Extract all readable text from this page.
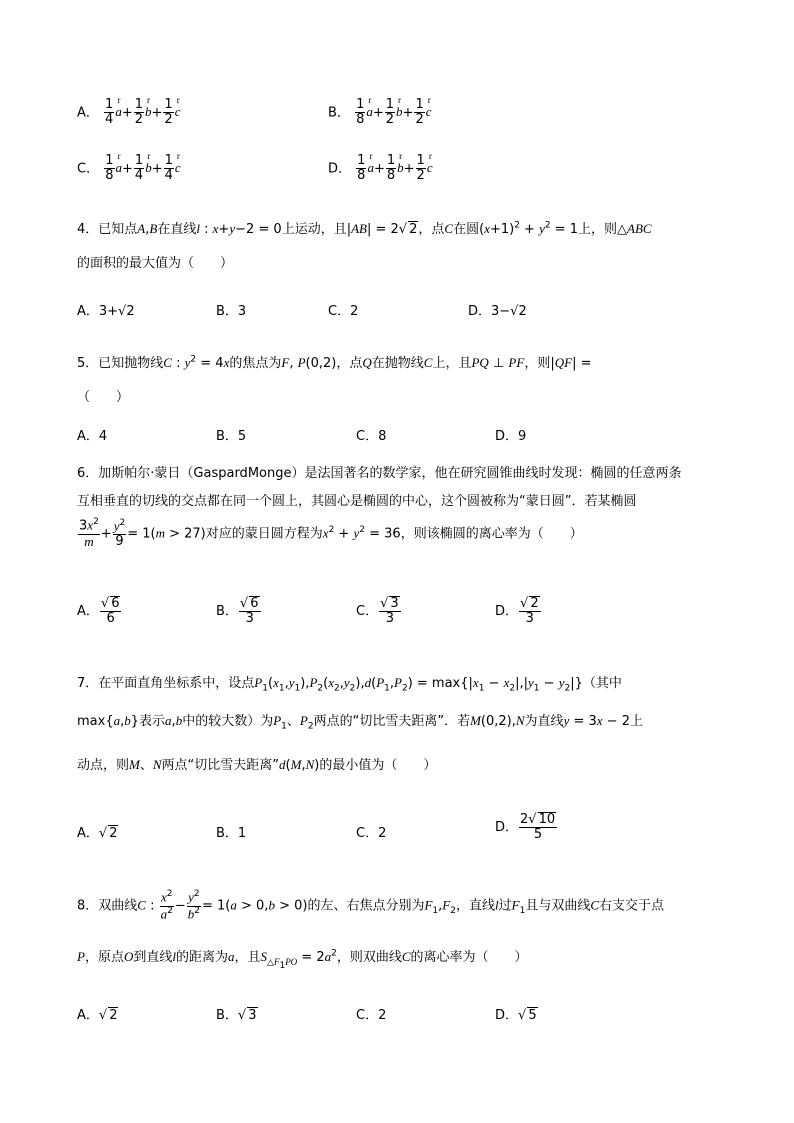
A． $\frac{1}{4}$ r $a+ \frac{1}{2}$ r $b+ \frac{1}{2}$ r c	B． $\frac{1}{8}$ r $a+ \frac{1}{2}$ r $b+ \frac{1}{2}$ r c
C． $\frac{1}{8}$ r $a+ \frac{1}{4}$ r $b+ \frac{1}{4}$ r c	D． $\frac{1}{8}$ r $a+ \frac{1}{8}$ r $b+ \frac{1}{2}$ r c
4．已知点A,B在直线l : x+y−2 = 0上运动，且|AB| = 2√ 2，点C在圆$(x+1)^2 + y^2 = 1$上，则△ABC
的面积的最大值为（　　）
A．3+√2	B．3	C．2	D．3−√2
5．已知抛物线C : $y^2 = 4x$的焦点为F, P(0,2)，点Q在抛物线C上，且PQ ⊥ PF，则|QF| =
（　　）
A．4	B．5	C．8	D．9
6．加斯帕尔·蒙日（GaspardMonge）是法国著名的数学家，他在研究圆锥曲线时发现：椭圆的任意两条
互相垂直的切线的交点都在同一个圆上，其圆心是椭圆的中心，这个圆被称为“蒙日圆”．若某椭圆
$\frac{3x^2}{m} + \frac{y^2}{9} = 1(m > 27)$对应的蒙日圆方程为$x^2 + y^2 = 36$，则该椭圆的离心率为（　　）
A． $\frac{√ 6}{6}$	B． $\frac{√ 6}{3}$	C． $\frac{√ 3}{3}$	D． $\frac{√ 2}{3}$
7．在平面直角坐标系中，设点$P_1(x_1,y_1),P_2(x_2,y_2),d(P_1,P_2) = \max\{|x_1 - x_2|,|y_1 - y_2|\}$（其中
max{a,b}表示a,b中的较大数）为$P_1$、$P_2$两点的“切比雪夫距离”．若M(0,2),N为直线y = 3x − 2上
动点，则M、N两点“切比雪夫距离”d(M,N)的最小值为（　　）
A．√ 2	B．1	C．2	D． $\frac{2√ 10}{5}$
8．双曲线C : $\frac{x^2}{a^2} - \frac{y^2}{b^2} = 1(a > 0,b > 0)$的左、右焦点分别为$F_1,F_2$，直线l过$F_1$且与双曲线C右支交于点
P，原点O到直线l的距离为a，且$S_{\triangle F_1PO} = 2a^2$，则双曲线C的离心率为（　　）
A．√ 2	B．√ 3	C．2	D．√ 5
